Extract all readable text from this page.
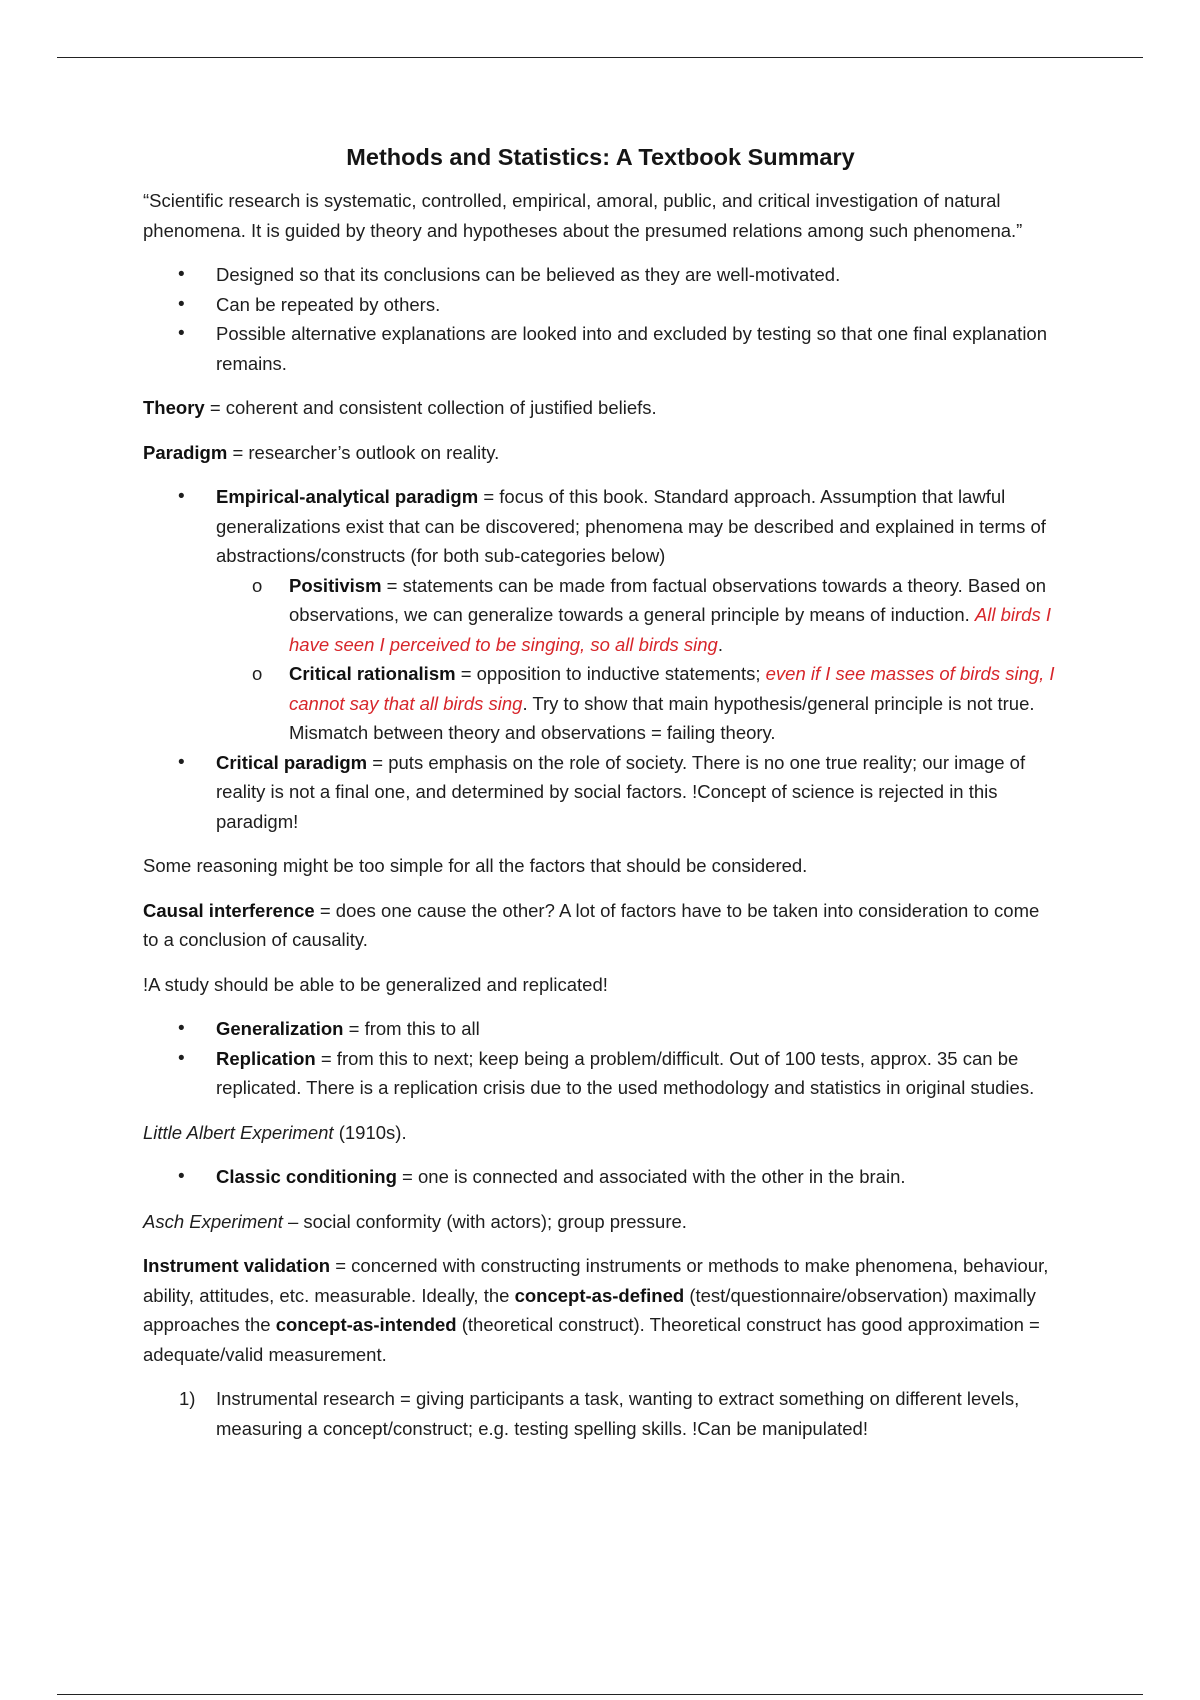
Methods and Statistics: A Textbook Summary

“Scientific research is systematic, controlled, empirical, amoral, public, and critical investigation of natural phenomena. It is guided by theory and hypotheses about the presumed relations among such phenomena.”

• Designed so that its conclusions can be believed as they are well-motivated.
• Can be repeated by others.
• Possible alternative explanations are looked into and excluded by testing so that one final explanation remains.

Theory = coherent and consistent collection of justified beliefs.

Paradigm = researcher’s outlook on reality.

• Empirical-analytical paradigm = focus of this book. Standard approach. Assumption that lawful generalizations exist that can be discovered; phenomena may be described and explained in terms of abstractions/constructs (for both sub-categories below)
o Positivism = statements can be made from factual observations towards a theory. Based on observations, we can generalize towards a general principle by means of induction. All birds I have seen I perceived to be singing, so all birds sing.
o Critical rationalism = opposition to inductive statements; even if I see masses of birds sing, I cannot say that all birds sing. Try to show that main hypothesis/general principle is not true. Mismatch between theory and observations = failing theory.
• Critical paradigm = puts emphasis on the role of society. There is no one true reality; our image of reality is not a final one, and determined by social factors. !Concept of science is rejected in this paradigm!

Some reasoning might be too simple for all the factors that should be considered.

Causal interference = does one cause the other? A lot of factors have to be taken into consideration to come to a conclusion of causality.

!A study should be able to be generalized and replicated!

• Generalization = from this to all
• Replication = from this to next; keep being a problem/difficult. Out of 100 tests, approx. 35 can be replicated. There is a replication crisis due to the used methodology and statistics in original studies.

Little Albert Experiment (1910s).

• Classic conditioning = one is connected and associated with the other in the brain.

Asch Experiment – social conformity (with actors); group pressure.

Instrument validation = concerned with constructing instruments or methods to make phenomena, behaviour, ability, attitudes, etc. measurable. Ideally, the concept-as-defined (test/questionnaire/observation) maximally approaches the concept-as-intended (theoretical construct). Theoretical construct has good approximation = adequate/valid measurement.

1) Instrumental research = giving participants a task, wanting to extract something on different levels, measuring a concept/construct; e.g. testing spelling skills. !Can be manipulated!
